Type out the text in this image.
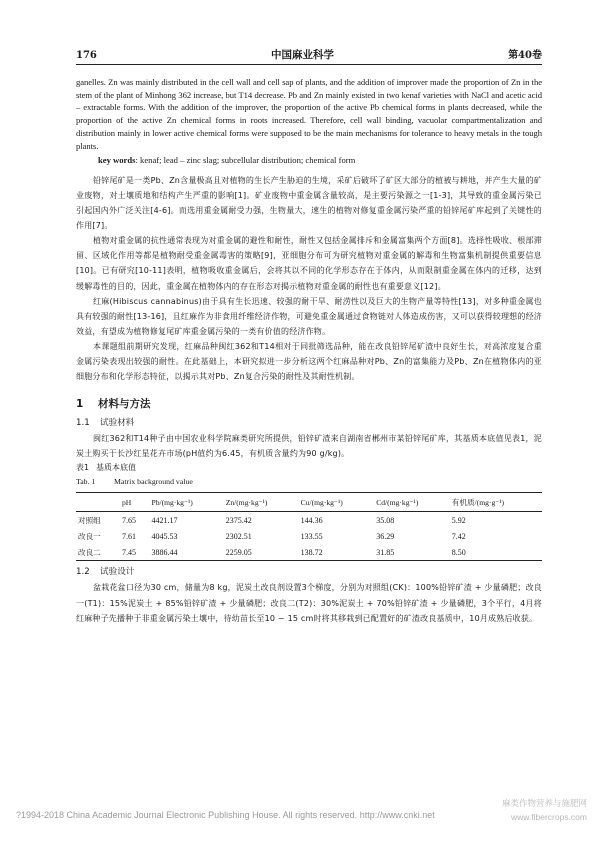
176	中国麻业科学	第40卷

ganelles. Zn was mainly distributed in the cell wall and cell sap of plants, and the addition of improver made the proportion of Zn in the stem of the plant of Minhong 362 increase, but T14 decrease. Pb and Zn mainly existed in two kenaf varieties with NaCl and acetic acid – extractable forms. With the addition of the improver, the proportion of the active Pb chemical forms in plants decreased, while the proportion of the active Zn chemical forms in roots increased. Therefore, cell wall binding, vacuolar compartmentalization and distribution mainly in lower active chemical forms were supposed to be the main mechanisms for tolerance to heavy metals in the tough plants.

key words: kenaf; lead – zinc slag; subcellular distribution; chemical form

铅锌尾矿是一类Pb、Zn含量极高且对植物的生长产生胁迫的生境，采矿后破坏了矿区大部分的植被与耕地，并产生大量的矿业废物，对土壤质地和结构产生严重的影响[1]。矿业废物中重金属含量较高，是主要污染源之一[1-3]，其导致的重金属污染已引起国内外广泛关注[4-6]。而选用重金属耐受力强，生物量大，速生的植物对修复重金属污染严重的铅锌尾矿库起到了关键性的作用[7]。

植物对重金属的抗性通常表现为对重金属的避性和耐性，耐性又包括金属排斥和金属富集两个方面[8]。选择性吸收、根部滞留、区域化作用等都是植物耐受重金属毒害的策略[9]，亚细胞分布可为研究植物对重金属的解毒和生物富集机制提供重要信息[10]。已有研究[10-11]表明，植物吸收重金属后，会将其以不同的化学形态存在于体内，从而限制重金属在体内的迁移，达到缓解毒性的目的，因此，重金属在植物体内的存在形态对揭示植物对重金属的耐性也有重要意义[12]。

红麻(Hibiscus cannabinus)由于具有生长迅速、较强的耐干旱、耐涝性以及巨大的生物产量等特性[13]，对多种重金属也具有较强的耐性[13-16]，且红麻作为非食用纤维经济作物，可避免重金属通过食物链对人体造成伤害，又可以获得较理想的经济效益，有望成为植物修复尾矿库重金属污染的一类有价值的经济作物。

本课题组前期研究发现，红麻品种闽红362和T14相对于同批筛选品种，能在改良铅锌尾矿渣中良好生长，对高浓度复合重金属污染表现出较强的耐性。在此基础上，本研究拟进一步分析这两个红麻品种对Pb、Zn的富集能力及Pb、Zn在植物体内的亚细胞分布和化学形态特征，以揭示其对Pb、Zn复合污染的耐性及其耐性机制。

1 材料与方法
1.1 试验材料

闽红362和T14种子由中国农业科学院麻类研究所提供，铅锌矿渣来自湖南省郴州市某铅锌尾矿库，其基质本底值见表1，泥炭土购买于长沙红星花卉市场(pH值约为6.45，有机质含量约为90 g/kg)。

表1 基质本底值
Tab. 1 Matrix background value
	pH	Pb/(mg·kg⁻¹)	Zn/(mg·kg⁻¹)	Cu/(mg·kg⁻¹)	Cd/(mg·kg⁻¹)	有机质/(mg·g⁻¹)
对照组	7.65	4421.17	2375.42	144.36	35.08	5.92
改良一	7.61	4045.53	2302.51	133.55	36.29	7.42
改良二	7.45	3886.44	2259.05	138.72	31.85	8.50
1.2 试验设计

盆栽花盆口径为30 cm，储量为8 kg，泥炭土改良剂设置3个梯度，分别为对照组(CK)：100%铅锌矿渣 + 少量磷肥；改良一(T1)：15%泥炭土 + 85%铅锌矿渣 + 少量磷肥；改良二(T2)：30%泥炭土 + 70%铅锌矿渣 + 少量磷肥，3个平行，4月将红麻种子先播种于非重金属污染土壤中，待幼苗长至10 ~ 15 cm时将其移栽到已配置好的矿渣改良基质中，10月成熟后收获。

?1994-2018 China Academic Journal Electronic Publishing House. All rights reserved. http://www.cnki.net
麻类作物营养与施肥网
www.fibercrops.com
